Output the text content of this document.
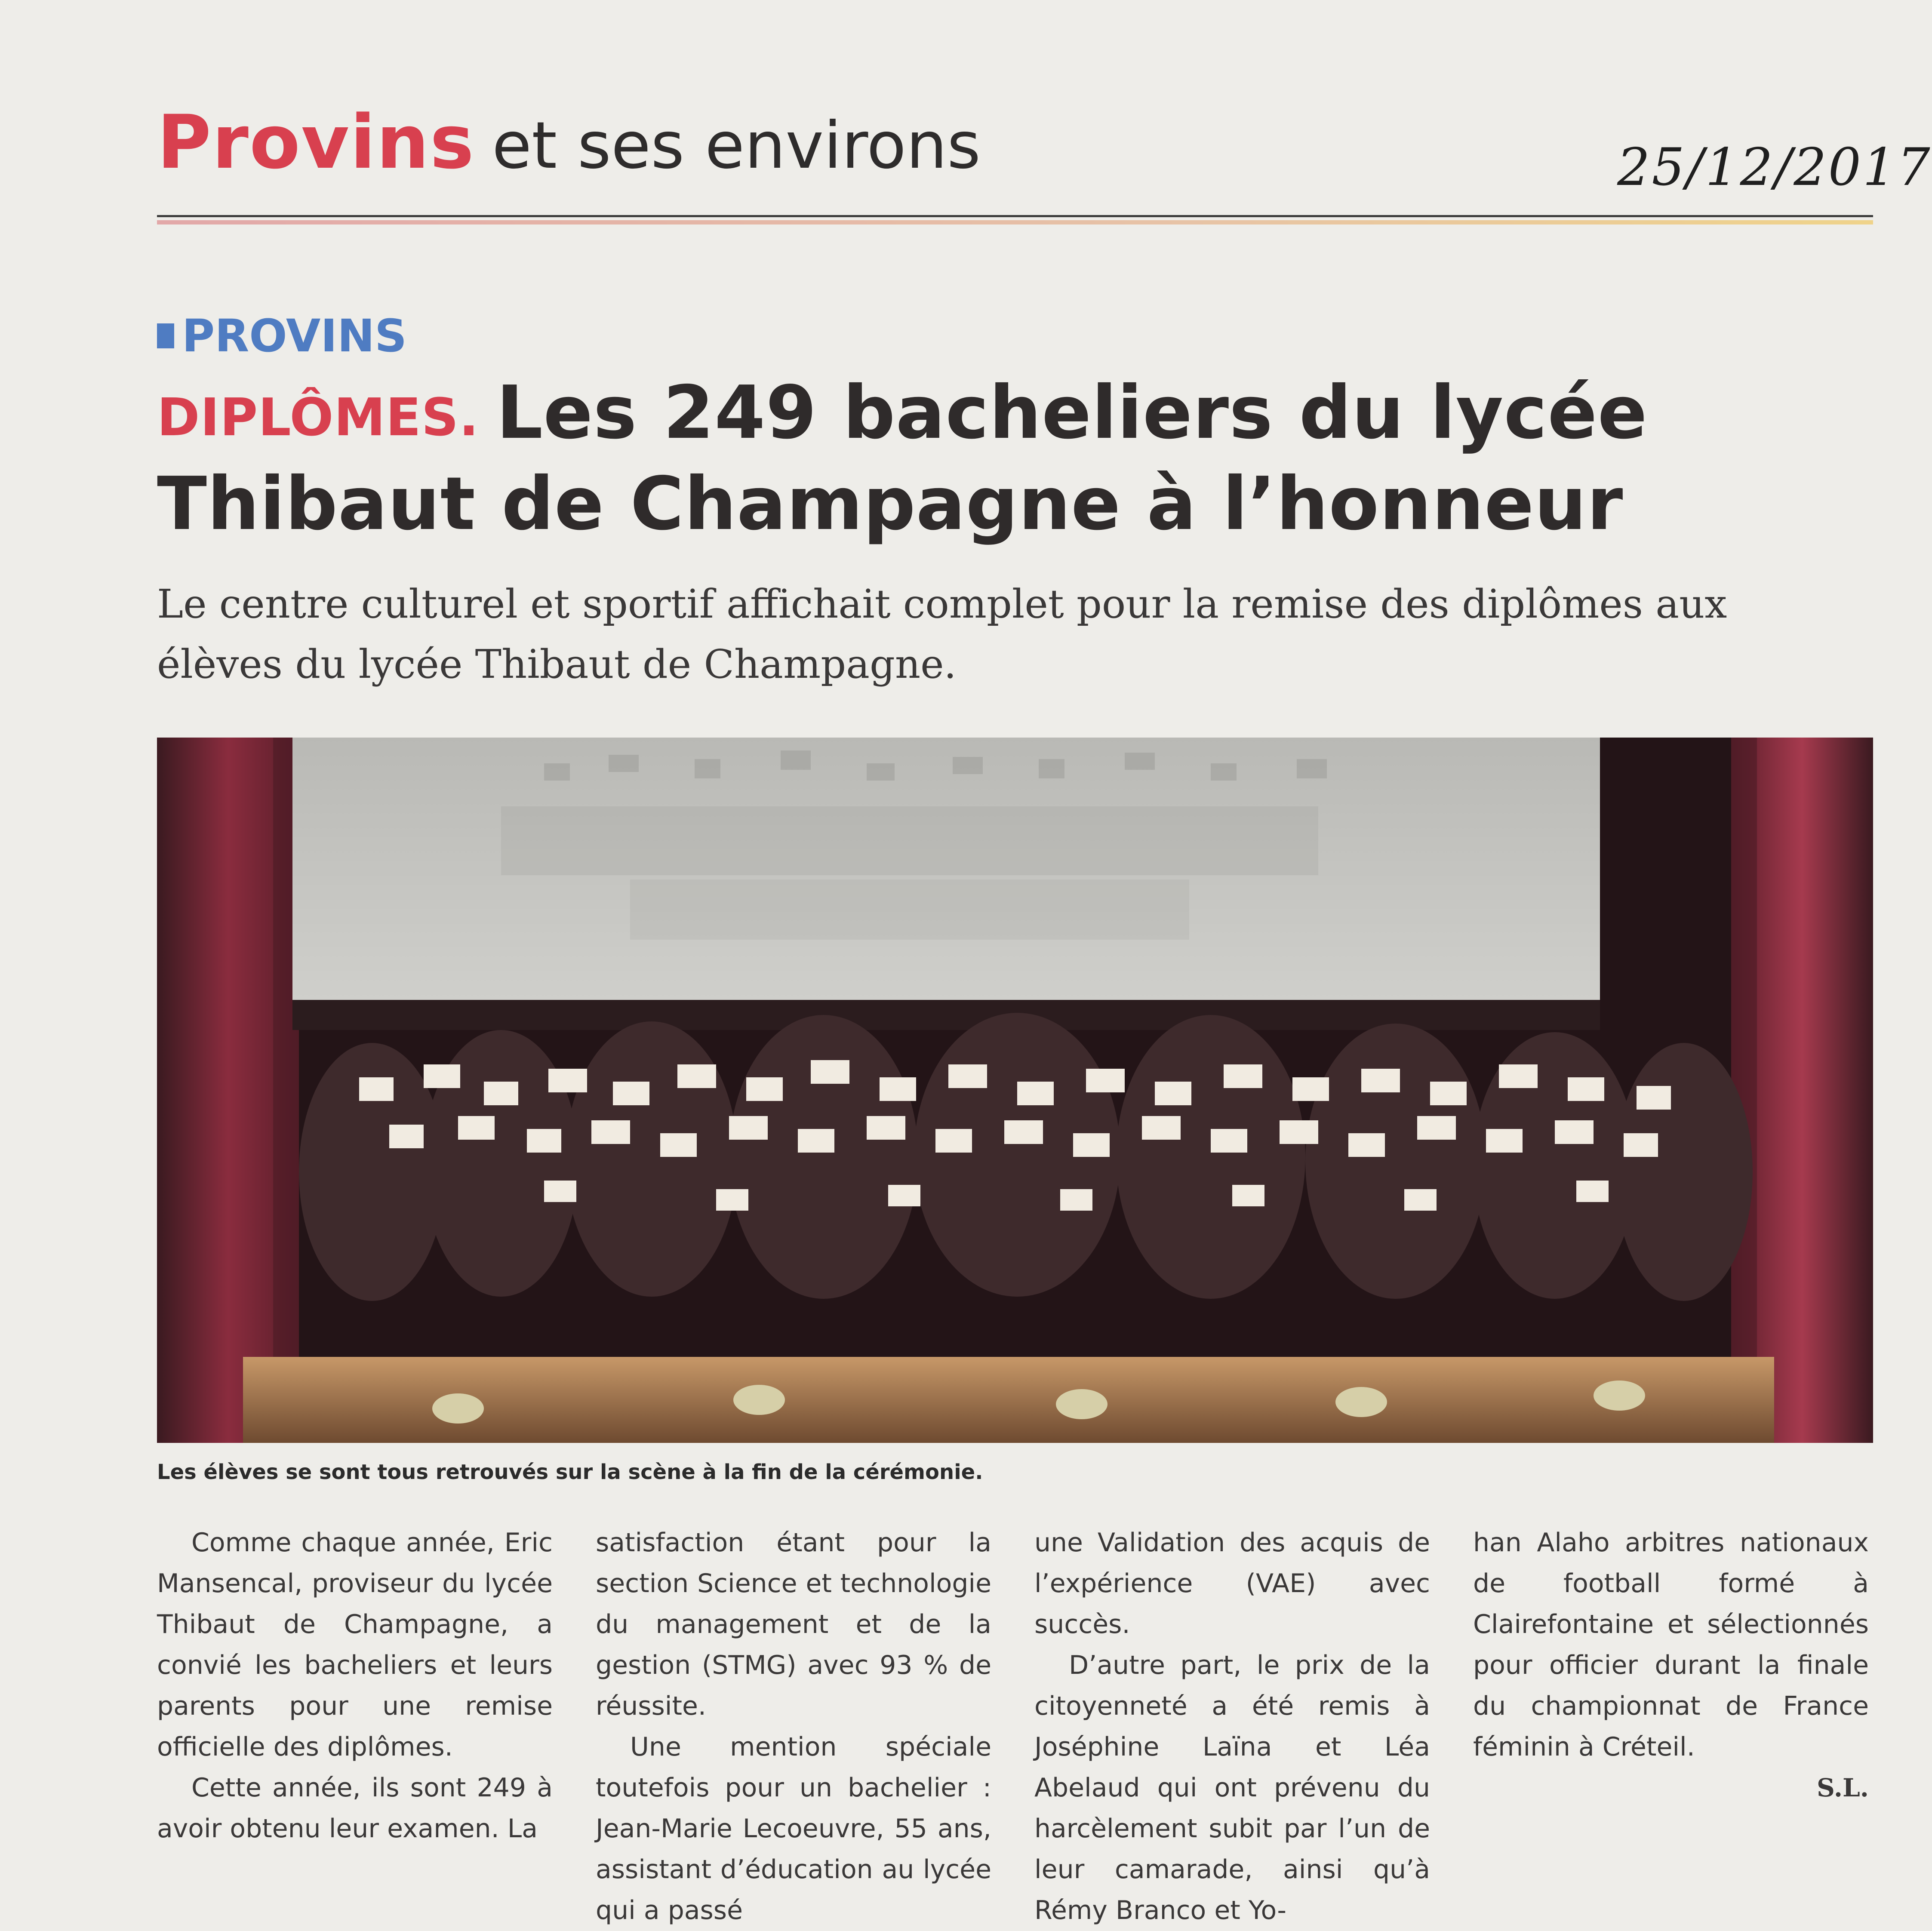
Provins et ses environs	25/12/2017
PROVINS
DIPLÔMES. Les 249 bacheliers du lycée Thibaut de Champagne à l’honneur
Le centre culturel et sportif affichait complet pour la remise des diplômes aux élèves du lycée Thibaut de Champagne.
Les élèves se sont tous retrouvés sur la scène à la fin de la cérémonie.

Comme chaque année, Eric Mansencal, proviseur du lycée Thibaut de Champagne, a convié les bacheliers et leurs parents pour une remise officielle des diplômes.

Cette année, ils sont 249 à avoir obtenu leur examen. La

satisfaction étant pour la section Science et technologie du management et de la gestion (STMG) avec 93 % de réussite.

Une mention spéciale toutefois pour un bachelier : Jean-Marie Lecoeuvre, 55 ans, assistant d’éducation au lycée qui a passé

une Validation des acquis de l’expérience (VAE) avec succès.

D’autre part, le prix de la citoyenneté a été remis à Joséphine Laïna et Léa Abelaud qui ont prévenu du harcèlement subit par l’un de leur camarade, ainsi qu’à Rémy Branco et Yo-

han Alaho arbitres nationaux de football formé à Clairefontaine et sélectionnés pour officier durant la finale du championnat de France féminin à Créteil.

S.L.
